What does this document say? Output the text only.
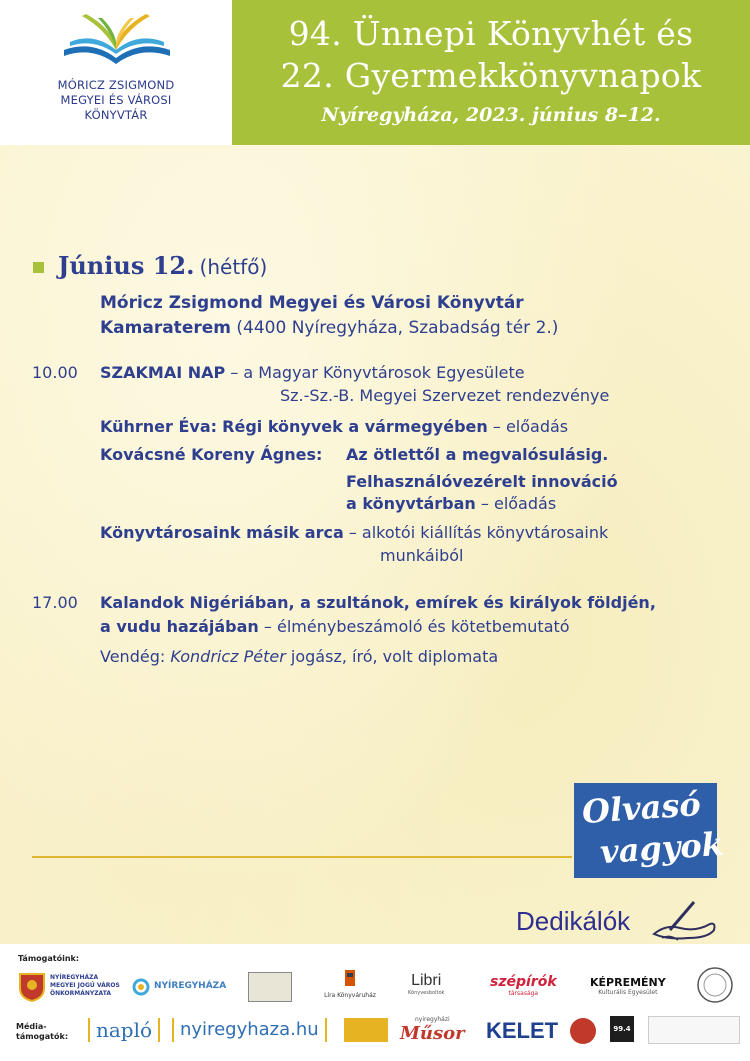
MÓRICZ ZSIGMOND
MEGYEI ÉS VÁROSI
KÖNYVTÁR
94. Ünnepi Könyvhét és
22. Gyermekkönyvnapok
Nyíregyháza, 2023. június 8–12.
Június 12. (hétfő)
Móricz Zsigmond Megyei és Városi Könyvtár
Kamaraterem (4400 Nyíregyháza, Szabadság tér 2.)
10.00 SZAKMAI NAP – a Magyar Könyvtárosok Egyesülete
Sz.-Sz.-B. Megyei Szervezet rendezvénye
Kührner Éva: Régi könyvek a vármegyében – előadás
Kovácsné Koreny Ágnes: Az ötlettől a megvalósulásig.
Felhasználóvezérelt innováció
a könyvtárban – előadás
Könyvtárosaink másik arca – alkotói kiállítás könyvtárosaink
munkáiból
17.00 Kalandok Nigériában, a szultánok, emírek és királyok földjén,
a vudu hazájában – élménybeszámoló és kötetbemutató
Vendég: Kondricz Péter jogász, író, volt diplomata
Olvasó
vagyok
Dedikálók
Támogatóink:
NYÍREGYHÁZA
MEGYEI JOGÚ VÁROS
ÖNKORMÁNYZATA
NYÍREGYHÁZA
Líra Könyváruház
Libri
Könyvesboltok
szépírók
társasága
KÉPREMÉNY
Kulturális Egyesület
Média-
támogatók:	napló	nyiregyhaza.hu	nyiregyházi
Műsor KELET	99.4
